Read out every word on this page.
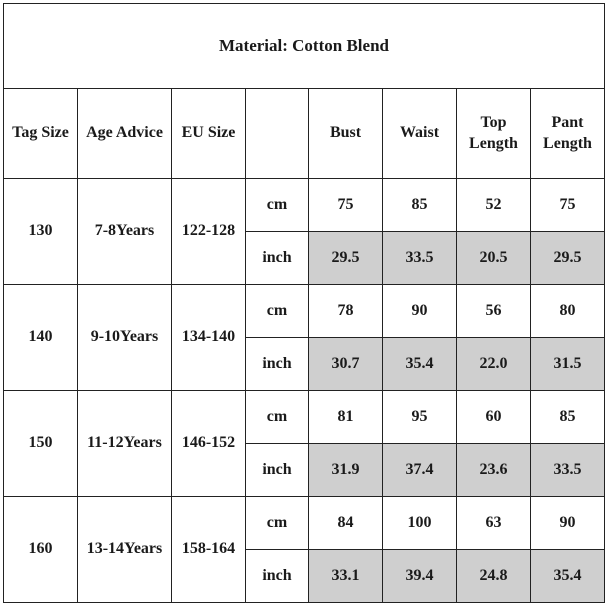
Material: Cotton Blend							
Tag Size	Age Advice	EU Size		Bust	Waist	Top Length	Pant Length
130	7-8Years	122-128	cm	75	85	52	75
			inch	29.5	33.5	20.5	29.5
140	9-10Years	134-140	cm	78	90	56	80
			inch	30.7	35.4	22.0	31.5
150	11-12Years	146-152	cm	81	95	60	85
			inch	31.9	37.4	23.6	33.5
160	13-14Years	158-164	cm	84	100	63	90
			inch	33.1	39.4	24.8	35.4
